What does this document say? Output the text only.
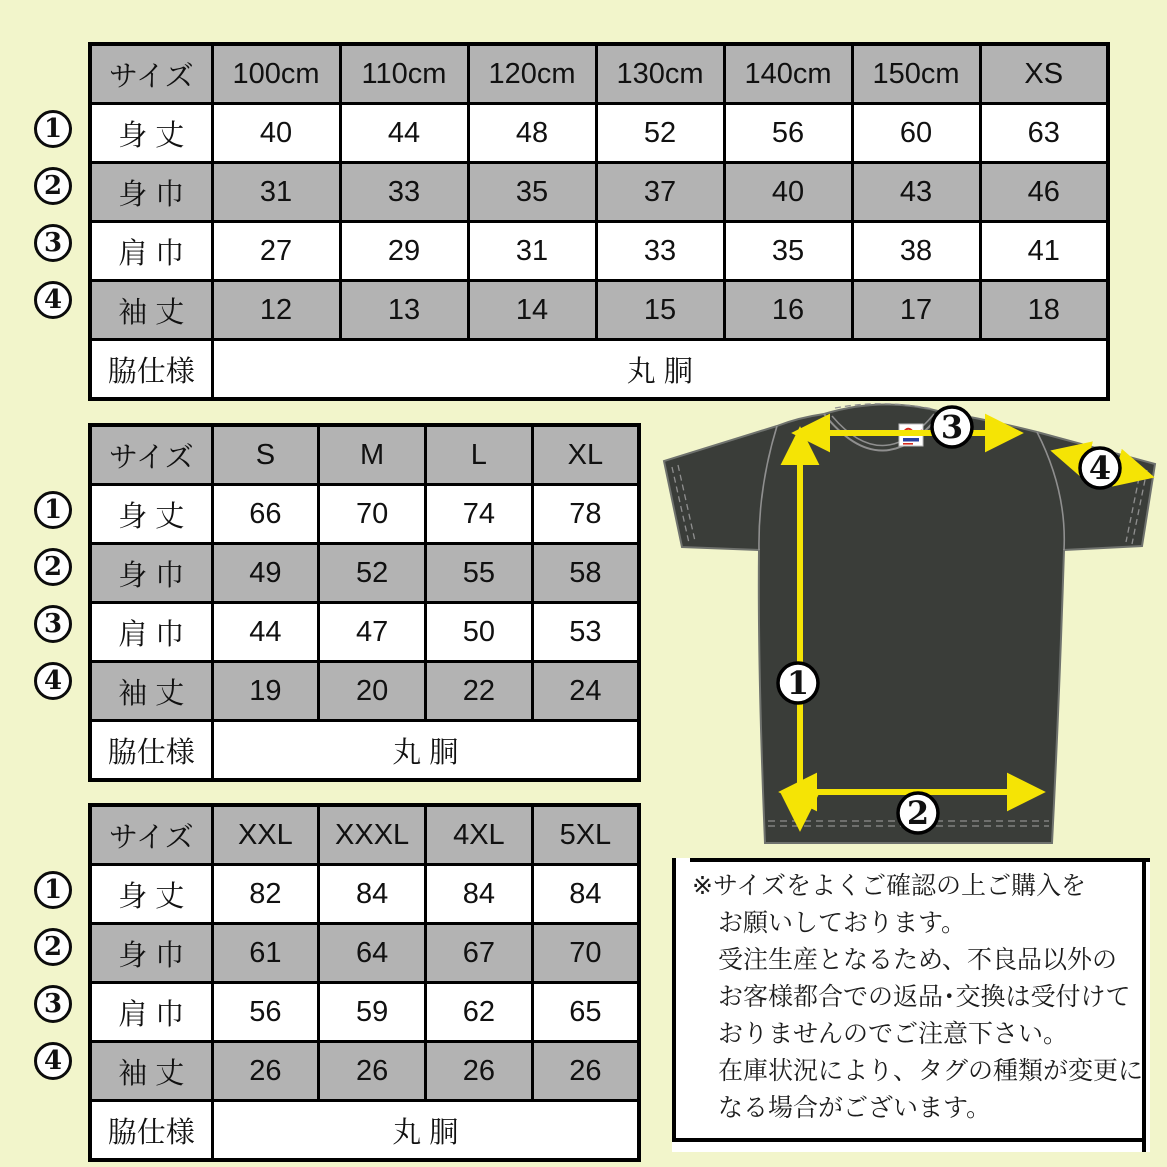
1
2
3
4
1
2
3
4
1
2
3
4
サイズ	100cm	110cm	120cm	130cm	140cm	150cm	XS
身 丈	40	44	48	52	56	60	63
身 巾	31	33	35	37	40	43	46
肩 巾	27	29	31	33	35	38	41
袖 丈	12	13	14	15	16	17	18
脇仕様	丸 胴						
サイズ	S	M	L	XL
身 丈	66	70	74	78
身 巾	49	52	55	58
肩 巾	44	47	50	53
袖 丈	19	20	22	24
脇仕様	丸 胴			
サイズ	XXL	XXXL	4XL	5XL
身 丈	82	84	84	84
身 巾	61	64	67	70
肩 巾	56	59	62	65
袖 丈	26	26	26	26
脇仕様	丸 胴			
3
4
1
2
※サイズをよくご確認の上ご購入を
お願いしております。
受注生産となるため、不良品以外の
お客様都合での返品･交換は受付けて
おりませんのでご注意下さい。
在庫状況により、タグの種類が変更に
なる場合がございます。
